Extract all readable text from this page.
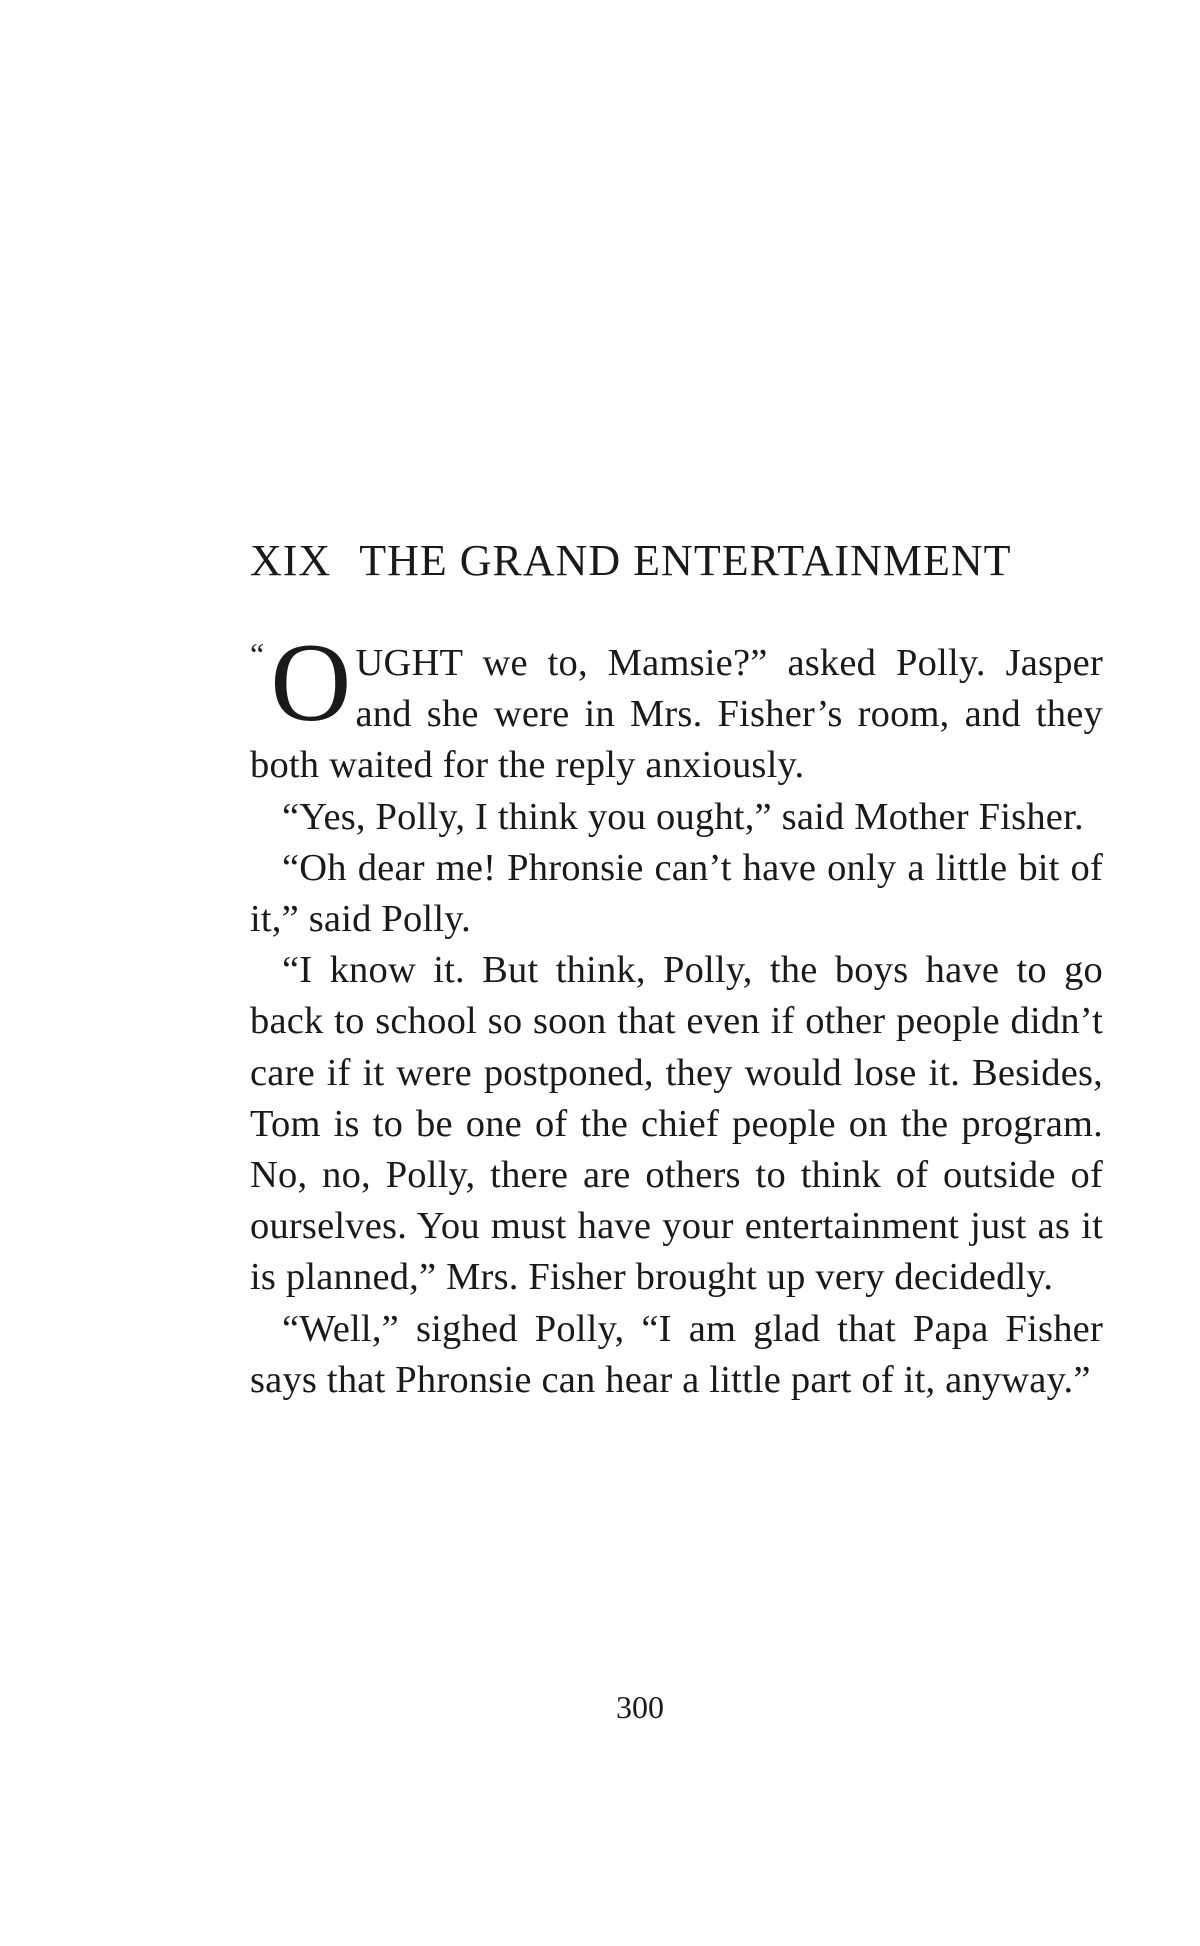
XIX THE GRAND ENTERTAINMENT

“ O UGHT we to, Mamsie?” asked Polly. Jasper and she were in Mrs. Fisher’s room, and they both waited for the reply anxiously.

“Yes, Polly, I think you ought,” said Mother Fisher.

“Oh dear me! Phronsie can’t have only a little bit of it,” said Polly.

“I know it. But think, Polly, the boys have to go back to school so soon that even if other people didn’t care if it were postponed, they would lose it. Besides, Tom is to be one of the chief people on the program. No, no, Polly, there are others to think of outside of ourselves. You must have your entertainment just as it is planned,” Mrs. Fisher brought up very decidedly.

“Well,” sighed Polly, “I am glad that Papa Fisher says that Phronsie can hear a little part of it, anyway.”

300
